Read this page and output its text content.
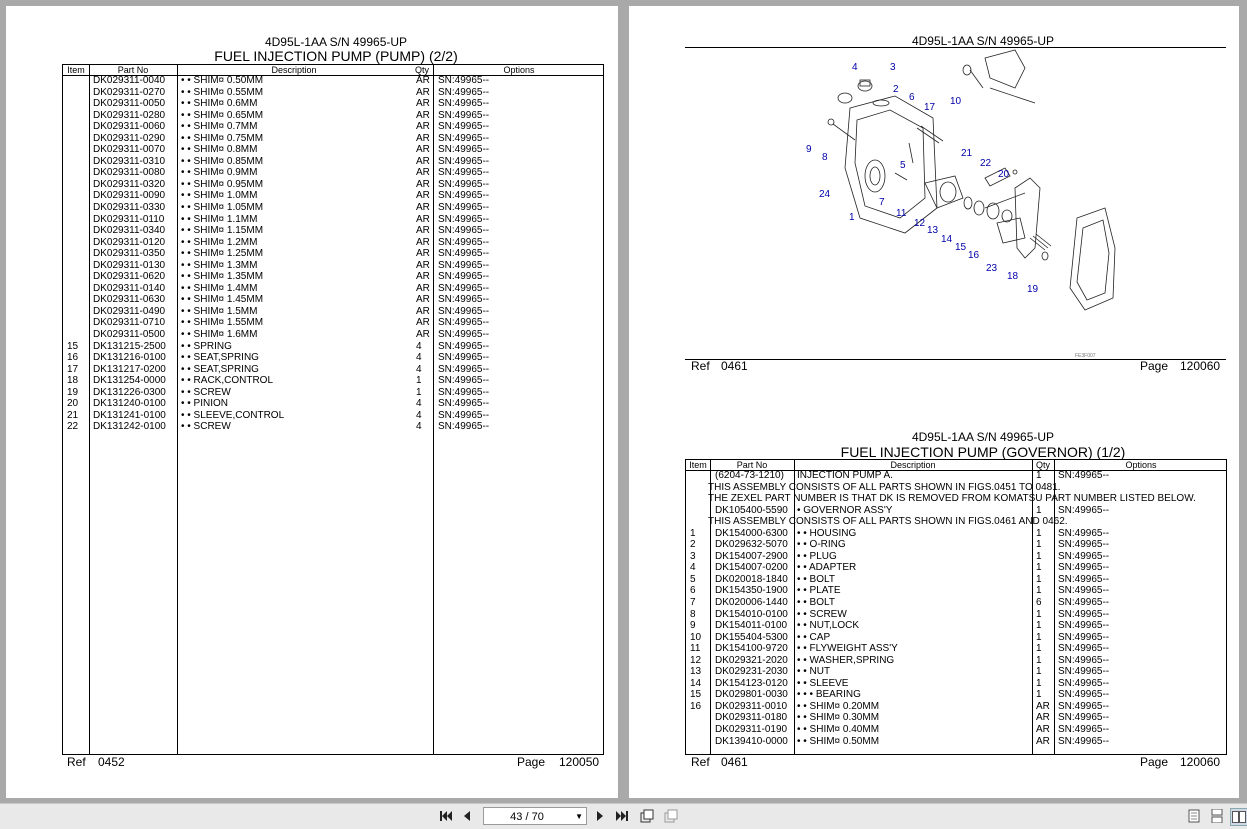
4D95L-1AA S/N 49965-UP
FUEL INJECTION PUMP (PUMP) (2/2)
Item	Part No	Description	Qty	Options
DK029311-0040 • • SHIM¤ 0.50MM	AR SN:49965--
DK029311-0270 • • SHIM¤ 0.55MM	AR SN:49965--
DK029311-0050 • • SHIM¤ 0.6MM	AR SN:49965--
DK029311-0280 • • SHIM¤ 0.65MM	AR SN:49965--
DK029311-0060 • • SHIM¤ 0.7MM	AR SN:49965--
DK029311-0290 • • SHIM¤ 0.75MM	AR SN:49965--
DK029311-0070 • • SHIM¤ 0.8MM	AR SN:49965--
DK029311-0310 • • SHIM¤ 0.85MM	AR SN:49965--
DK029311-0080 • • SHIM¤ 0.9MM	AR SN:49965--
DK029311-0320 • • SHIM¤ 0.95MM	AR SN:49965--
DK029311-0090 • • SHIM¤ 1.0MM	AR SN:49965--
DK029311-0330 • • SHIM¤ 1.05MM	AR SN:49965--
DK029311-0110 • • SHIM¤ 1.1MM	AR SN:49965--
DK029311-0340 • • SHIM¤ 1.15MM	AR SN:49965--
DK029311-0120 • • SHIM¤ 1.2MM	AR SN:49965--
DK029311-0350 • • SHIM¤ 1.25MM	AR SN:49965--
DK029311-0130 • • SHIM¤ 1.3MM	AR SN:49965--
DK029311-0620 • • SHIM¤ 1.35MM	AR SN:49965--
DK029311-0140 • • SHIM¤ 1.4MM	AR SN:49965--
DK029311-0630 • • SHIM¤ 1.45MM	AR SN:49965--
DK029311-0490 • • SHIM¤ 1.5MM	AR SN:49965--
DK029311-0710 • • SHIM¤ 1.55MM	AR SN:49965--
DK029311-0500 • • SHIM¤ 1.6MM	AR SN:49965--
15 DK131215-2500 • • SPRING	4 SN:49965--
16 DK131216-0100 • • SEAT,SPRING	4 SN:49965--
17 DK131217-0200 • • SEAT,SPRING	4 SN:49965--
18 DK131254-0000 • • RACK,CONTROL	1 SN:49965--
19 DK131226-0300 • • SCREW	1 SN:49965--
20 DK131240-0100 • • PINION	4 SN:49965--
21 DK131241-0100 • • SLEEVE,CONTROL	4 SN:49965--
22 DK131242-0100 • • SCREW	4 SN:49965--
Ref 0452	Page 120050
4D95L-1AA S/N 49965-UP
1
2
3
4
5
6
7
8
9
10
11
12
13
14
15
16
17
18
19
20
21
22
23
24
FE3F007
Ref 0461	Page 120060
4D95L-1AA S/N 49965-UP
FUEL INJECTION PUMP (GOVERNOR) (1/2)
Item	Part No	Description	Qty	Options
(6204-73-1210) INJECTION PUMP A.	1 SN:49965--
THIS ASSEMBLY CONSISTS OF ALL PARTS SHOWN IN FIGS.0451 TO 0481.
THE ZEXEL PART NUMBER IS THAT DK IS REMOVED FROM KOMATSU PART NUMBER LISTED BELOW.
DK105400-5590 • GOVERNOR ASS'Y	1 SN:49965--
THIS ASSEMBLY CONSISTS OF ALL PARTS SHOWN IN FIGS.0461 AND 0462.
1 DK154000-6300 • • HOUSING	1 SN:49965--
2 DK029632-5070 • • O-RING	1 SN:49965--
3 DK154007-2900 • • PLUG	1 SN:49965--
4 DK154007-0200 • • ADAPTER	1 SN:49965--
5 DK020018-1840 • • BOLT	1 SN:49965--
6 DK154350-1900 • • PLATE	1 SN:49965--
7 DK020006-1440 • • BOLT	6 SN:49965--
8 DK154010-0100 • • SCREW	1 SN:49965--
9 DK154011-0100 • • NUT,LOCK	1 SN:49965--
10 DK155404-5300 • • CAP	1 SN:49965--
11 DK154100-9720 • • FLYWEIGHT ASS'Y	1 SN:49965--
12 DK029321-2020 • • WASHER,SPRING	1 SN:49965--
13 DK029231-2030 • • NUT	1 SN:49965--
14 DK154123-0120 • • SLEEVE	1 SN:49965--
15 DK029801-0030 • • • BEARING	1 SN:49965--
16 DK029311-0010 • • SHIM¤ 0.20MM	AR SN:49965--
DK029311-0180 • • SHIM¤ 0.30MM	AR SN:49965--
DK029311-0190 • • SHIM¤ 0.40MM	AR SN:49965--
DK139410-0000 • • SHIM¤ 0.50MM	AR SN:49965--
Ref 0461	Page 120060
43 / 70	▼
